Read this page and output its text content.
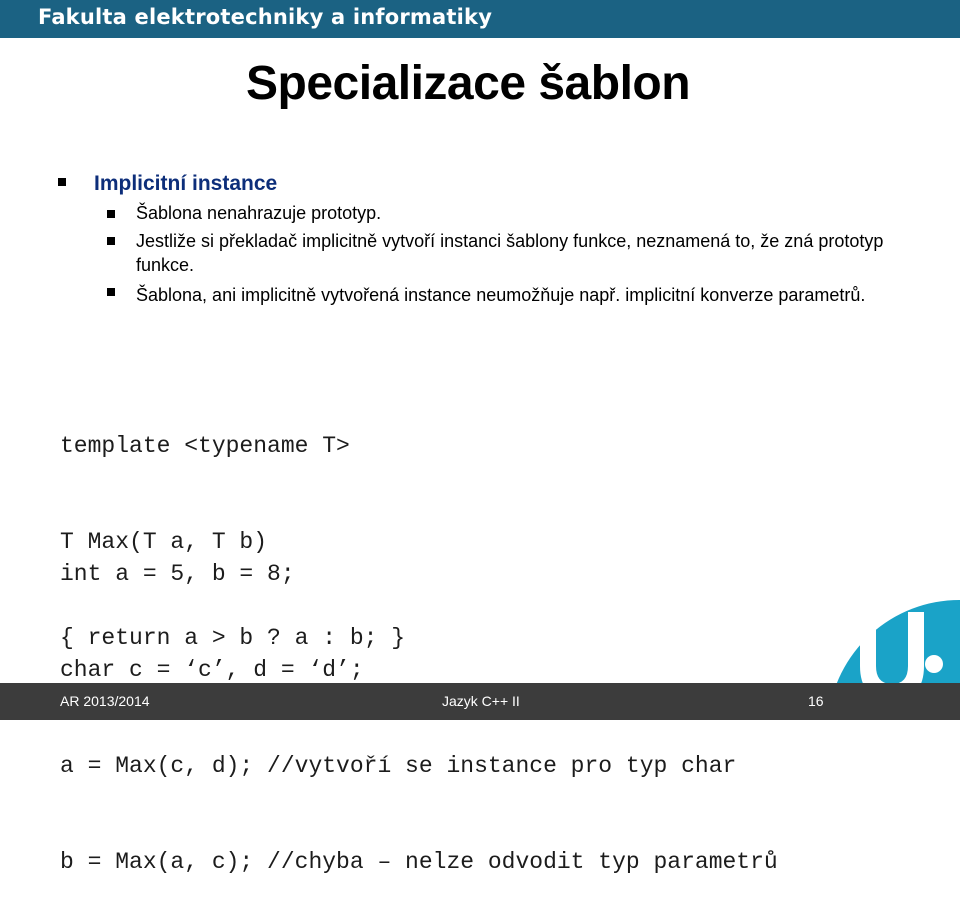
Fakulta elektrotechniky a informatiky
Specializace šablon
Implicitní instance
Šablona nenahrazuje prototyp.
Jestliže si překladač implicitně vytvoří instanci šablony funkce, neznamená to, že zná prototyp funkce.
Šablona, ani implicitně vytvořená instance neumožňuje např. implicitní konverze parametrů.

template <typename T>

T Max(T a, T b)

{ return a > b ? a : b; }

int a = 5, b = 8;

char c = ‘c’, d = ‘d’;

a = Max(c, d); //vytvoří se instance pro typ char

b = Max(a, c); //chyba – nelze odvodit typ parametrů

AR 2013/2014	Jazyk C++ II	16
